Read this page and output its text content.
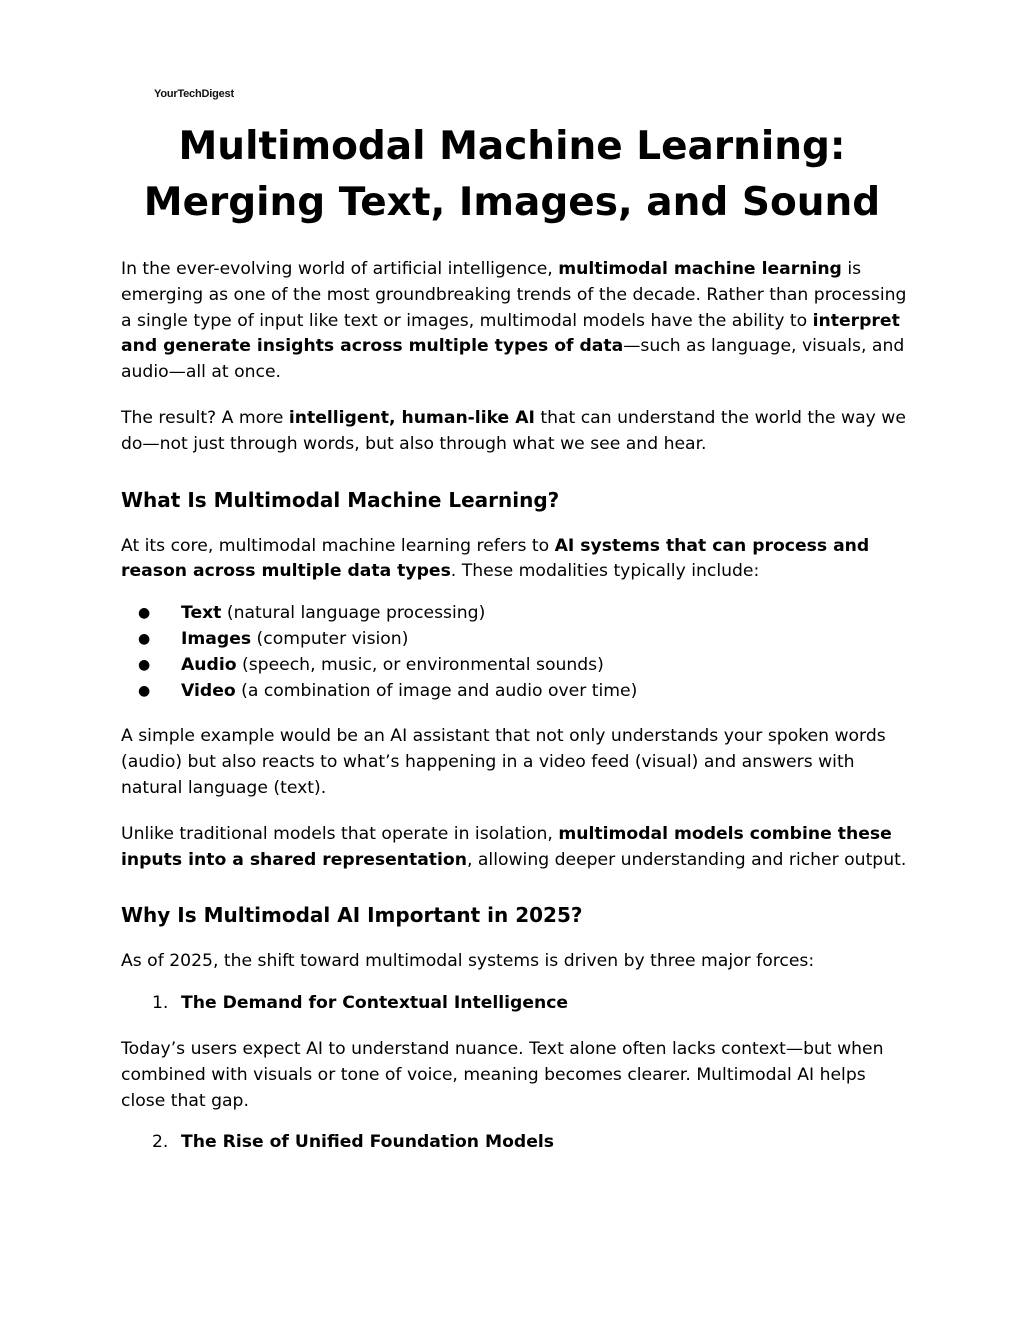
YourTechDigest
Multimodal Machine Learning:
Merging Text, Images, and Sound

In the ever-evolving world of artificial intelligence, multimodal machine learning is emerging as one of the most groundbreaking trends of the decade. Rather than processing a single type of input like text or images, multimodal models have the ability to interpret and generate insights across multiple types of data—such as language, visuals, and audio—all at once.

The result? A more intelligent, human-like AI that can understand the world the way we do—not just through words, but also through what we see and hear.

What Is Multimodal Machine Learning?

At its core, multimodal machine learning refers to AI systems that can process and reason across multiple data types. These modalities typically include:

● Text (natural language processing)
● Images (computer vision)
● Audio (speech, music, or environmental sounds)
● Video (a combination of image and audio over time)

A simple example would be an AI assistant that not only understands your spoken words (audio) but also reacts to what’s happening in a video feed (visual) and answers with natural language (text).

Unlike traditional models that operate in isolation, multimodal models combine these inputs into a shared representation, allowing deeper understanding and richer output.

Why Is Multimodal AI Important in 2025?

As of 2025, the shift toward multimodal systems is driven by three major forces:

1. The Demand for Contextual Intelligence

Today’s users expect AI to understand nuance. Text alone often lacks context—but when combined with visuals or tone of voice, meaning becomes clearer. Multimodal AI helps close that gap.

2. The Rise of Unified Foundation Models
